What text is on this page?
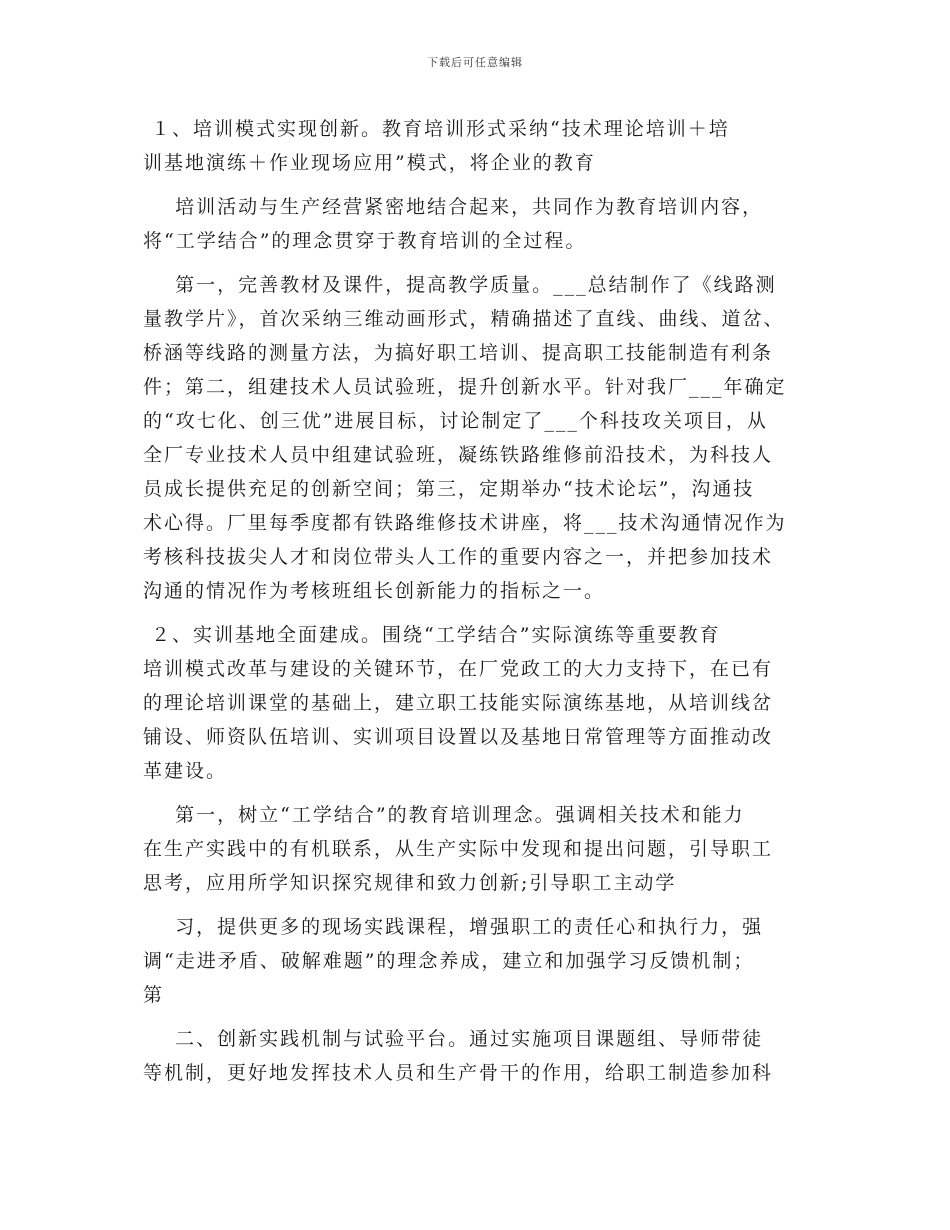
下载后可任意编辑
１、培训模式实现创新。教育培训形式采纳“技术理论培训＋培
训基地演练＋作业现场应用”模式，将企业的教育
培训活动与生产经营紧密地结合起来，共同作为教育培训内容，
将“工学结合”的理念贯穿于教育培训的全过程。
第一，完善教材及课件，提高教学质量。___总结制作了《线路测
量教学片》，首次采纳三维动画形式，精确描述了直线、曲线、道岔、
桥涵等线路的测量方法，为搞好职工培训、提高职工技能制造有利条
件；第二，组建技术人员试验班，提升创新水平。针对我厂___年确定
的“攻七化、创三优”进展目标，讨论制定了___个科技攻关项目，从
全厂专业技术人员中组建试验班，凝练铁路维修前沿技术，为科技人
员成长提供充足的创新空间；第三，定期举办“技术论坛”，沟通技
术心得。厂里每季度都有铁路维修技术讲座，将___技术沟通情况作为
考核科技拔尖人才和岗位带头人工作的重要内容之一，并把参加技术
沟通的情况作为考核班组长创新能力的指标之一。
２、实训基地全面建成。围绕“工学结合”实际演练等重要教育
培训模式改革与建设的关键环节，在厂党政工的大力支持下，在已有
的理论培训课堂的基础上，建立职工技能实际演练基地，从培训线岔
铺设、师资队伍培训、实训项目设置以及基地日常管理等方面推动改
革建设。
第一，树立“工学结合”的教育培训理念。强调相关技术和能力
在生产实践中的有机联系，从生产实际中发现和提出问题，引导职工
思考，应用所学知识探究规律和致力创新;引导职工主动学
习，提供更多的现场实践课程，增强职工的责任心和执行力，强
调“走进矛盾、破解难题”的理念养成，建立和加强学习反馈机制；
第
二、创新实践机制与试验平台。通过实施项目课题组、导师带徒
等机制，更好地发挥技术人员和生产骨干的作用，给职工制造参加科
